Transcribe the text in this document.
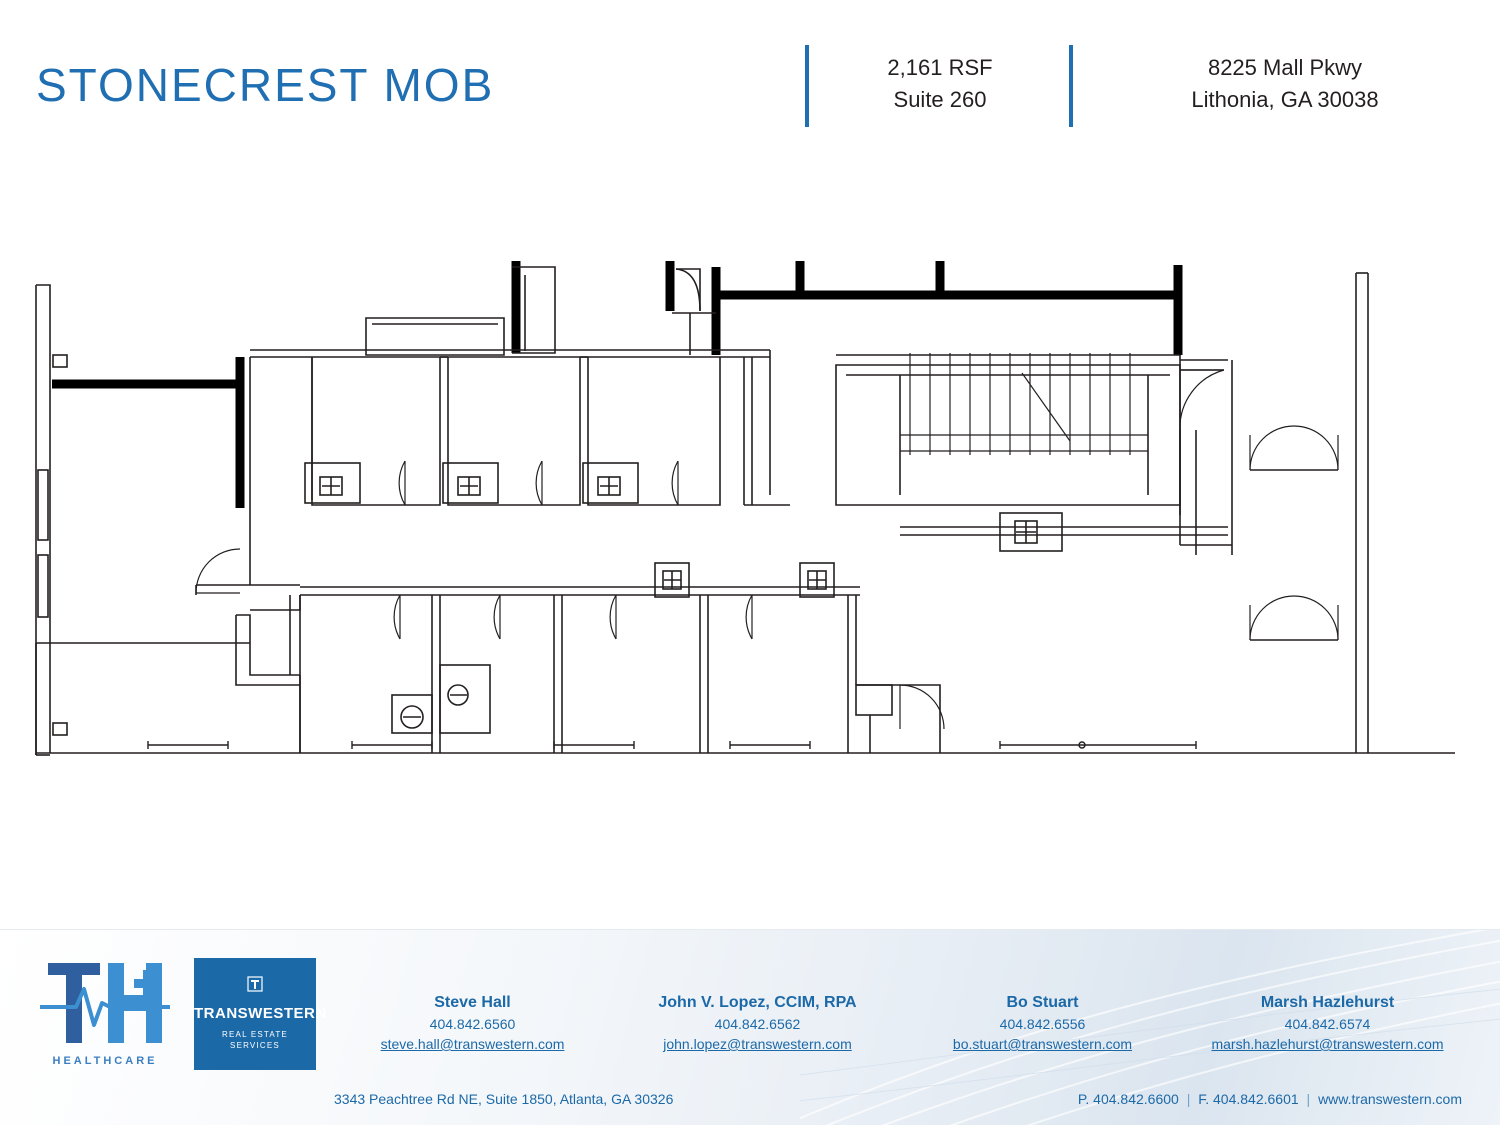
STONECREST MOB	2,161 RSF
Suite 260
8225 Mall Pkwy
Lithonia, GA 30038
HEALTHCARE
TRANSWESTERN
REAL ESTATE
SERVICES
Steve Hall
404.842.6560
steve.hall@transwestern.com
John V. Lopez, CCIM, RPA
404.842.6562
john.lopez@transwestern.com
Bo Stuart
404.842.6556
bo.stuart@transwestern.com
Marsh Hazlehurst
404.842.6574
marsh.hazlehurst@transwestern.com
3343 Peachtree Rd NE, Suite 1850, Atlanta, GA 30326	P. 404.842.6600 | F. 404.842.6601 | www.transwestern.com
